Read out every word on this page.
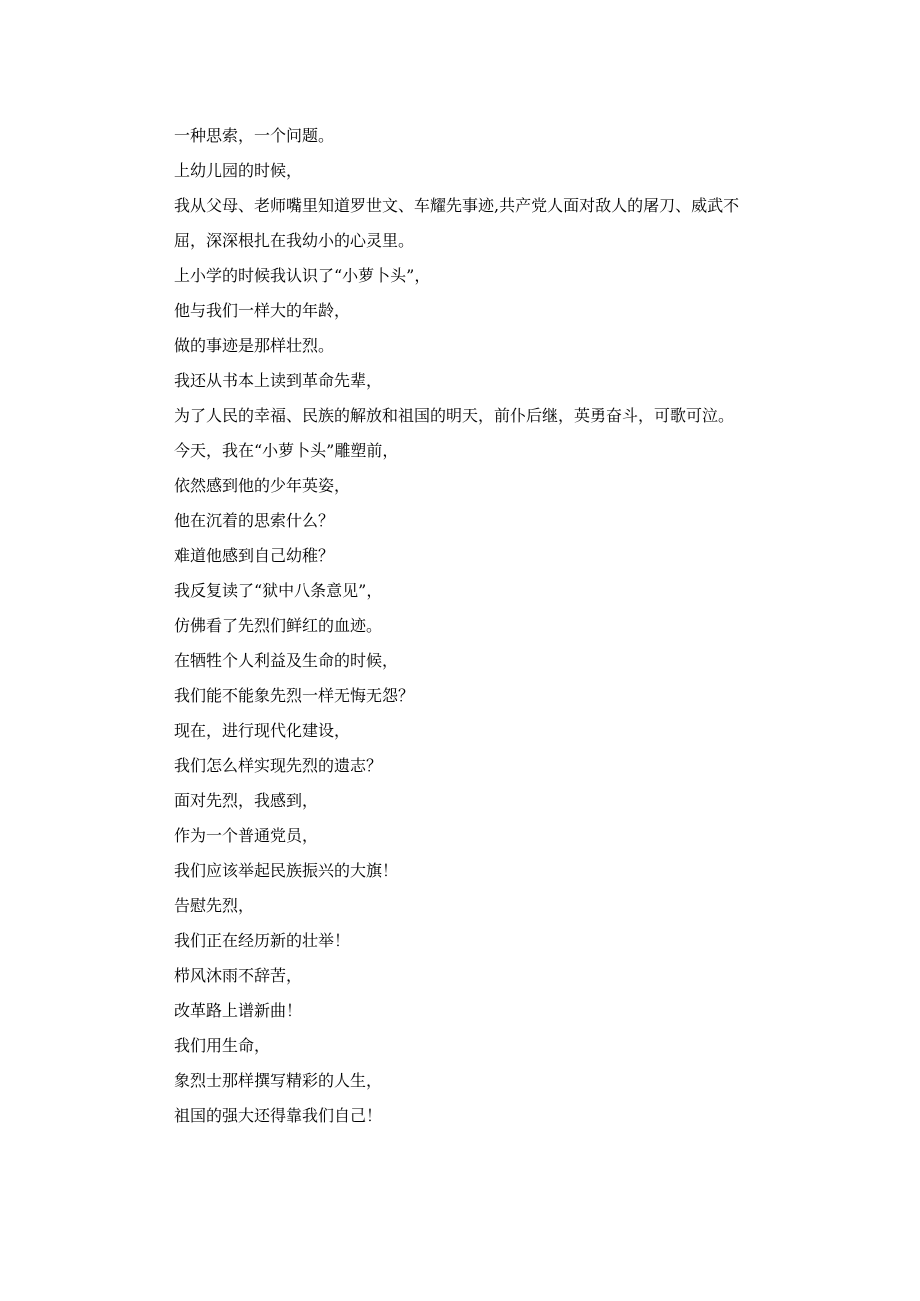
一种思索，一个问题。

上幼儿园的时候，

我从父母、老师嘴里知道罗世文、车耀先事迹,共产党人面对敌人的屠刀、威武不

屈，深深根扎在我幼小的心灵里。

上小学的时候我认识了“小萝卜头”，

他与我们一样大的年龄，

做的事迹是那样壮烈。

我还从书本上读到革命先辈，

为了人民的幸福、民族的解放和祖国的明天，前仆后继，英勇奋斗，可歌可泣。

今天，我在“小萝卜头”雕塑前，

依然感到他的少年英姿，

他在沉着的思索什么？

难道他感到自己幼稚？

我反复读了“狱中八条意见”，

仿佛看了先烈们鲜红的血迹。

在牺牲个人利益及生命的时候，

我们能不能象先烈一样无悔无怨？

现在，进行现代化建设，

我们怎么样实现先烈的遗志？

面对先烈，我感到，

作为一个普通党员，

我们应该举起民族振兴的大旗！

告慰先烈，

我们正在经历新的壮举！

栉风沐雨不辞苦，

改革路上谱新曲！

我们用生命，

象烈士那样撰写精彩的人生，

祖国的强大还得靠我们自己！
